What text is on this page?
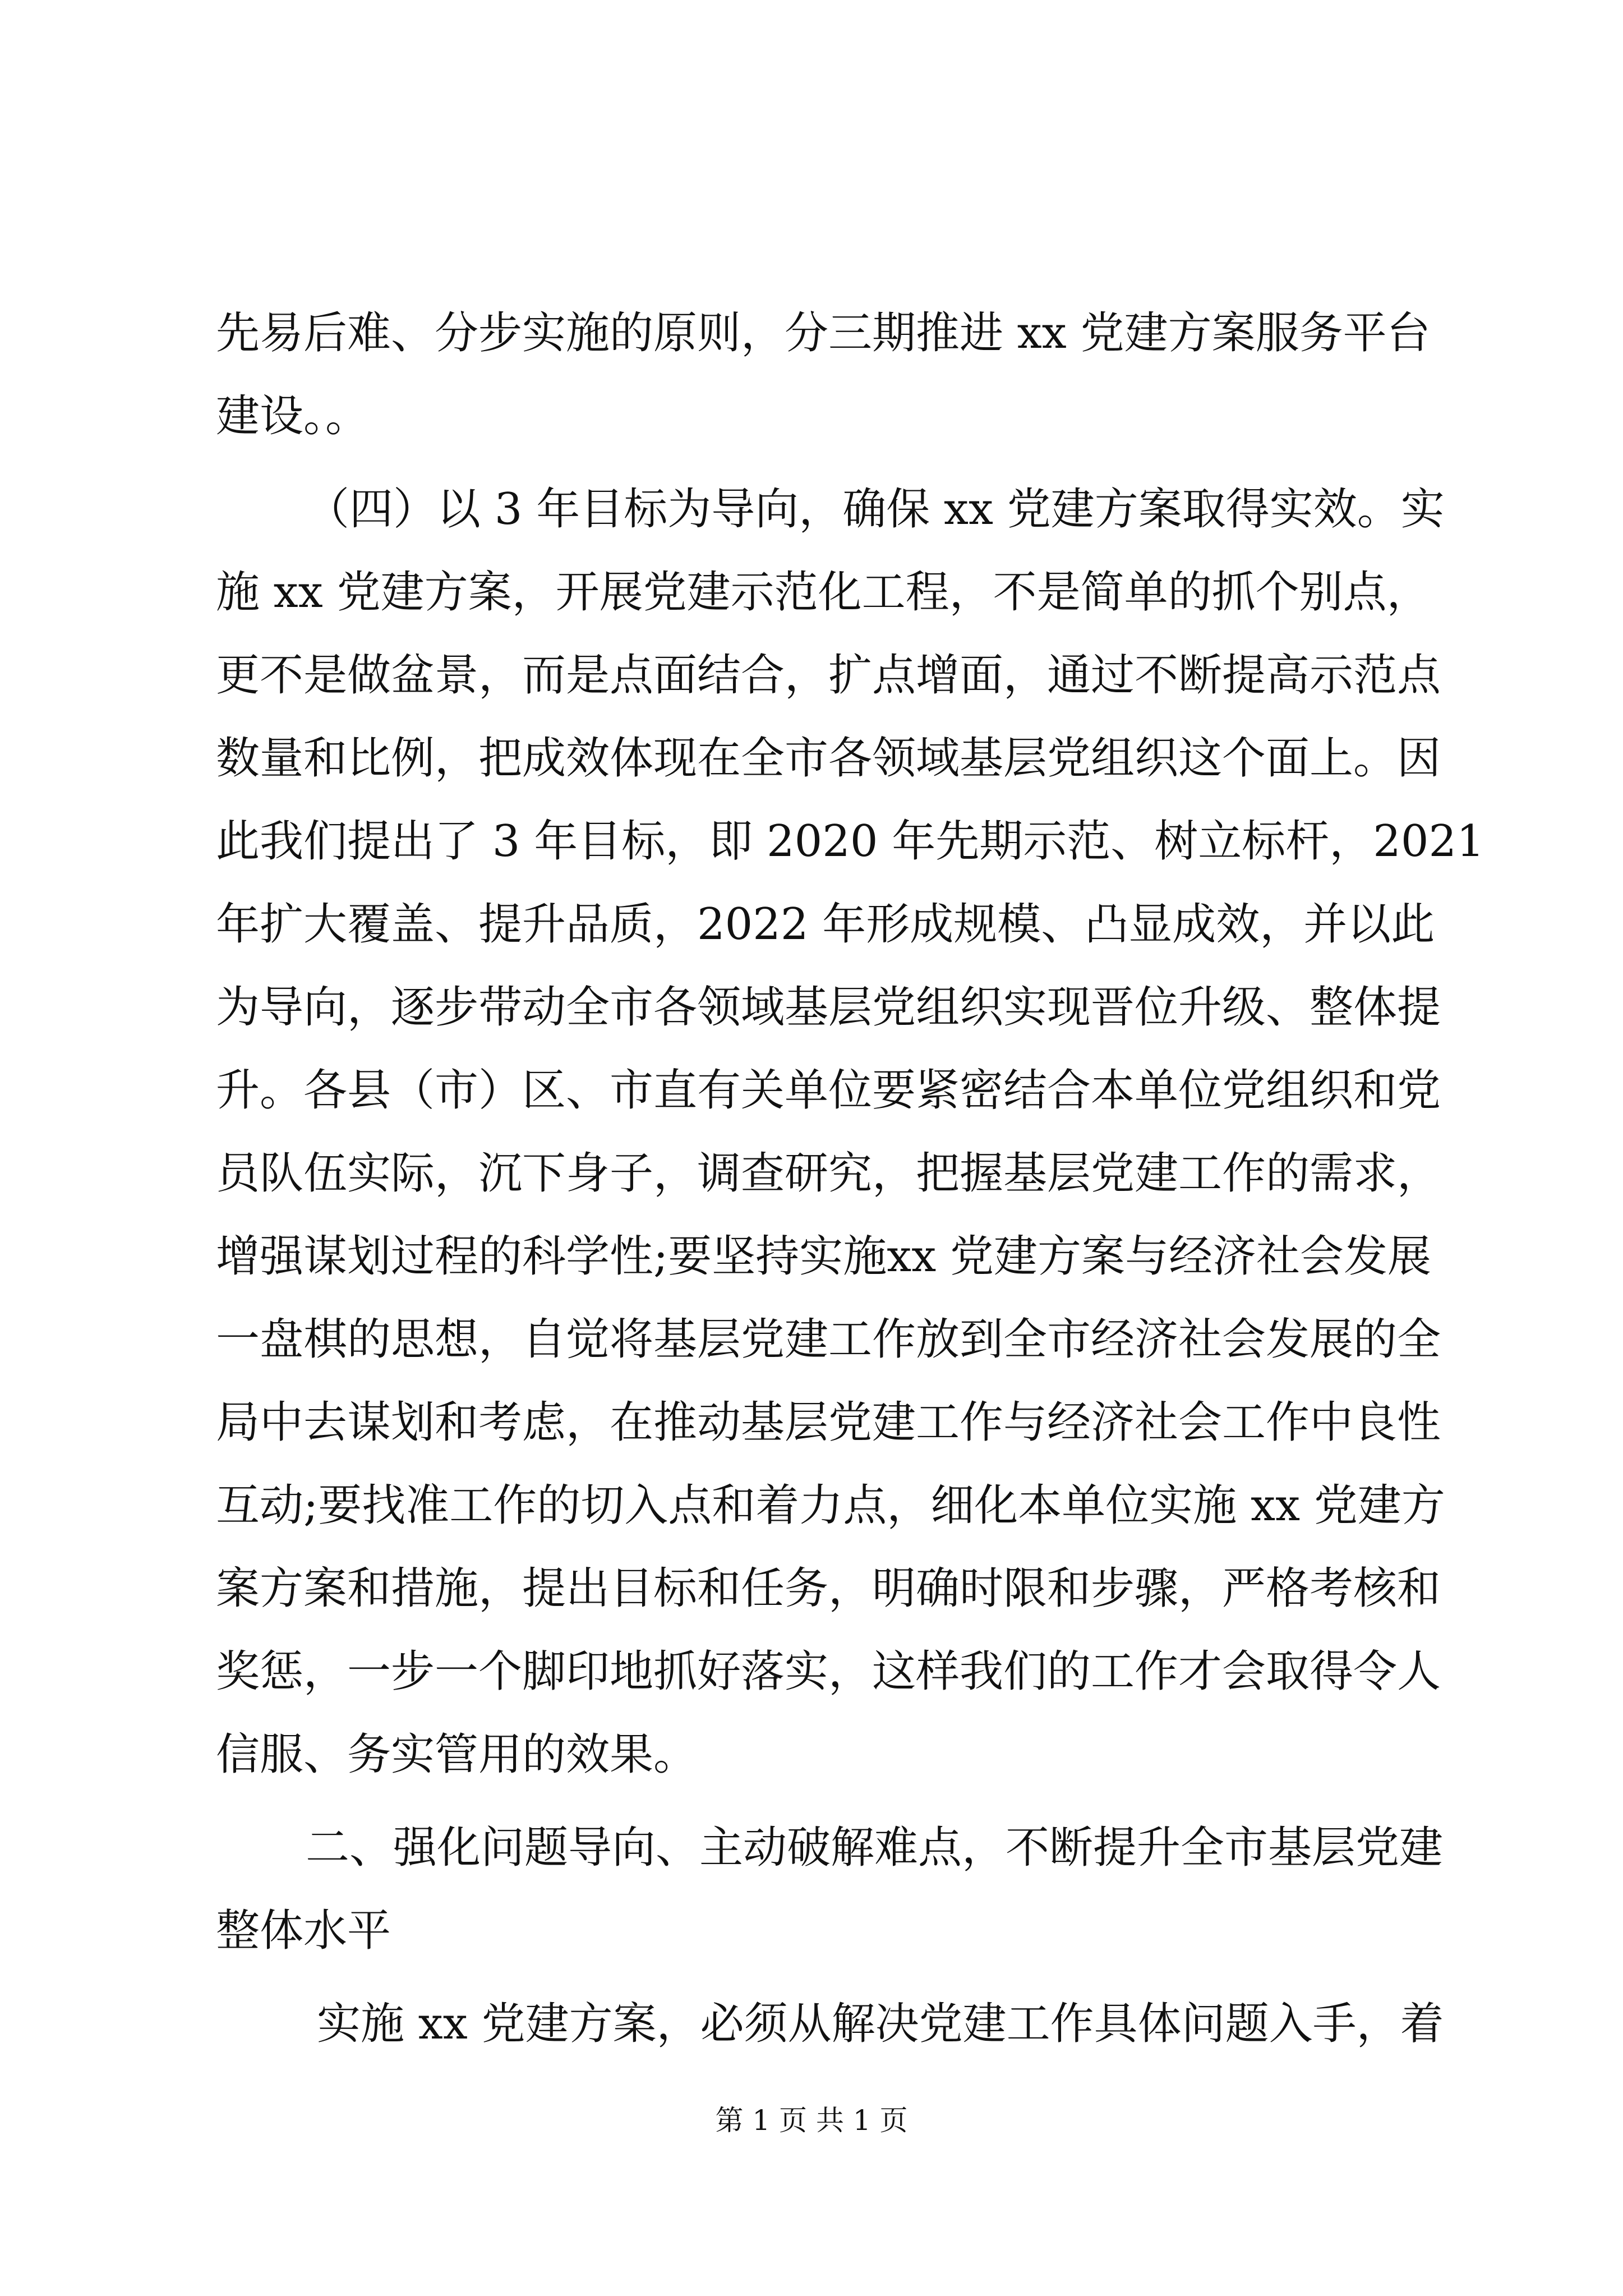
先易后难、分步实施的原则，分三期推进 xx 党建方案服务平台
建设。。
（四）以 3 年目标为导向，确保 xx 党建方案取得实效。实
施 xx 党建方案，开展党建示范化工程，不是简单的抓个别点，
更不是做盆景，而是点面结合，扩点增面，通过不断提高示范点
数量和比例，把成效体现在全市各领域基层党组织这个面上。因
此我们提出了 3 年目标，即 2020 年先期示范、树立标杆，2021
年扩大覆盖、提升品质，2022 年形成规模、凸显成效，并以此
为导向，逐步带动全市各领域基层党组织实现晋位升级、整体提
升。各县（市）区、市直有关单位要紧密结合本单位党组织和党
员队伍实际，沉下身子，调查研究，把握基层党建工作的需求，
增强谋划过程的科学性;要坚持实施xx 党建方案与经济社会发展
一盘棋的思想，自觉将基层党建工作放到全市经济社会发展的全
局中去谋划和考虑，在推动基层党建工作与经济社会工作中良性
互动;要找准工作的切入点和着力点，细化本单位实施 xx 党建方
案方案和措施，提出目标和任务，明确时限和步骤，严格考核和
奖惩，一步一个脚印地抓好落实，这样我们的工作才会取得令人
信服、务实管用的效果。
二、强化问题导向、主动破解难点，不断提升全市基层党建
整体水平
实施 xx 党建方案，必须从解决党建工作具体问题入手，着
第 1 页 共 1 页
